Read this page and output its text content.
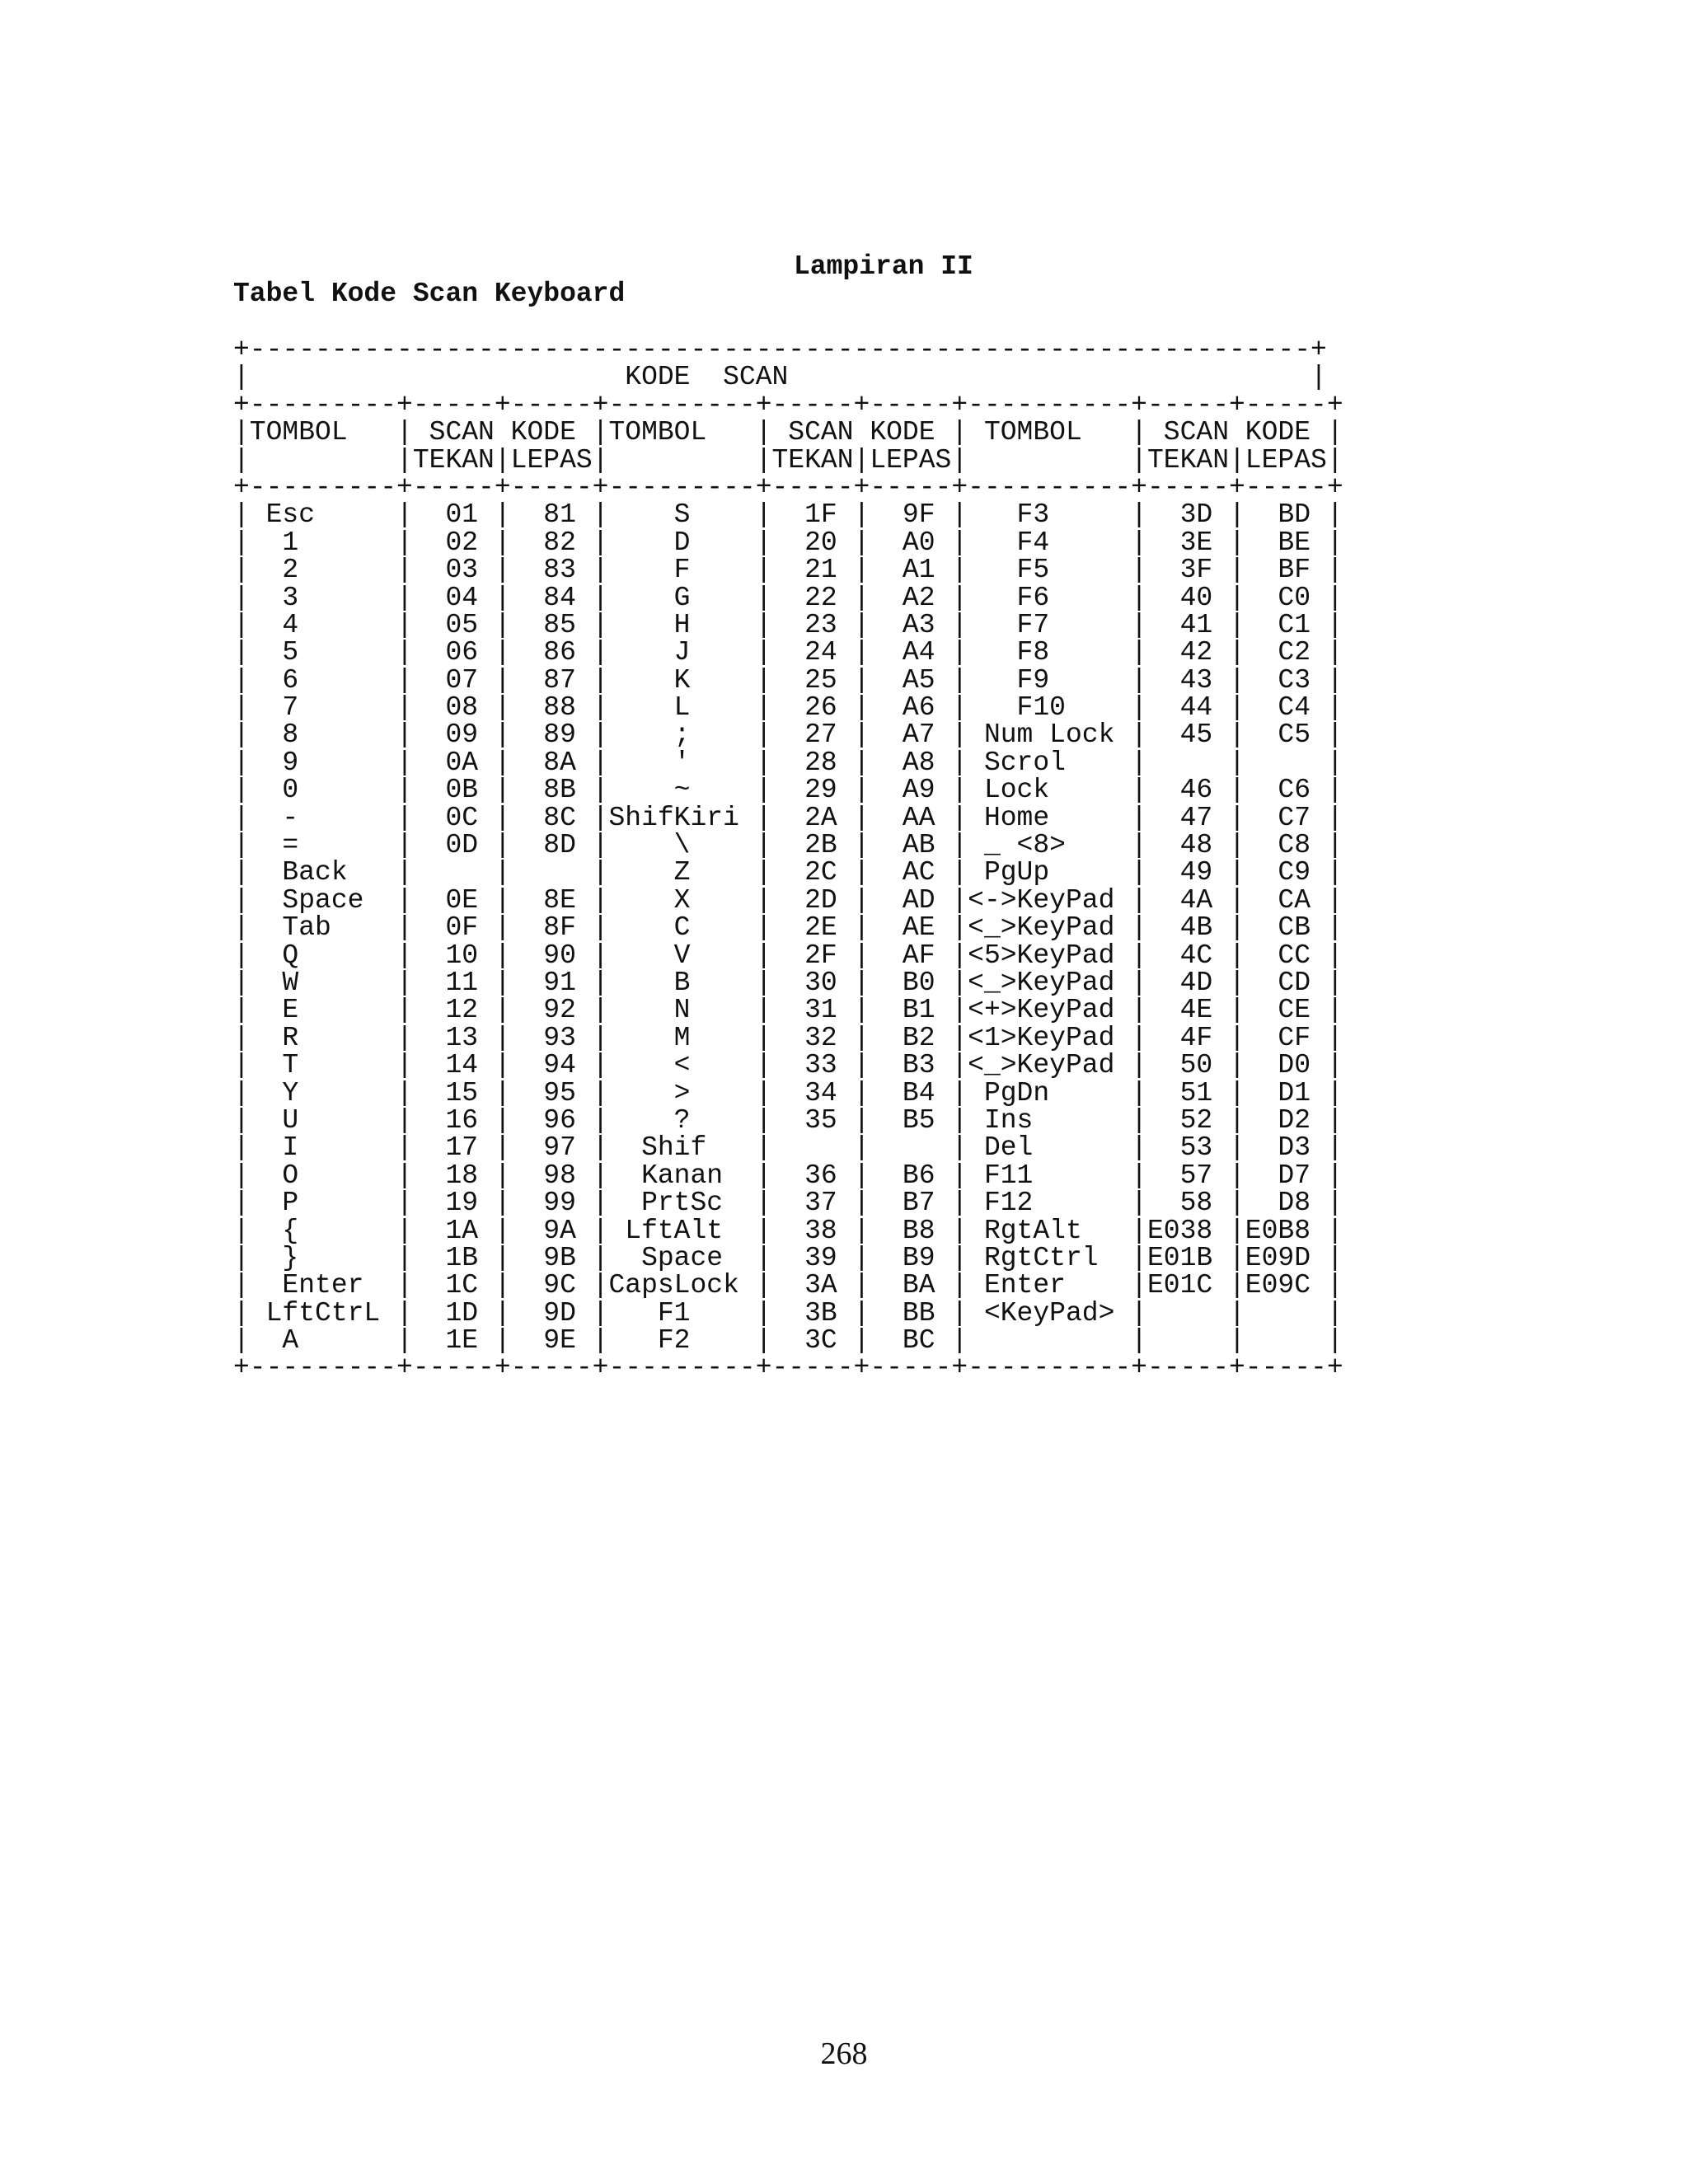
Lampiran II
Tabel Kode Scan Keyboard
+-----------------------------------------------------------------+
|                       KODE  SCAN                                |
+---------+-----+-----+---------+-----+-----+----------+-----+-----+
|TOMBOL   | SCAN KODE |TOMBOL   | SCAN KODE | TOMBOL   | SCAN KODE |
|         |TEKAN|LEPAS|         |TEKAN|LEPAS|          |TEKAN|LEPAS|
+---------+-----+-----+---------+-----+-----+----------+-----+-----+
| Esc     |  01 |  81 |    S    |  1F |  9F |   F3     |  3D |  BD |
|  1      |  02 |  82 |    D    |  20 |  A0 |   F4     |  3E |  BE |
|  2      |  03 |  83 |    F    |  21 |  A1 |   F5     |  3F |  BF |
|  3      |  04 |  84 |    G    |  22 |  A2 |   F6     |  40 |  C0 |
|  4      |  05 |  85 |    H    |  23 |  A3 |   F7     |  41 |  C1 |
|  5      |  06 |  86 |    J    |  24 |  A4 |   F8     |  42 |  C2 |
|  6      |  07 |  87 |    K    |  25 |  A5 |   F9     |  43 |  C3 |
|  7      |  08 |  88 |    L    |  26 |  A6 |   F10    |  44 |  C4 |
|  8      |  09 |  89 |    ;    |  27 |  A7 | Num Lock |  45 |  C5 |
|  9      |  0A |  8A |    '    |  28 |  A8 | Scrol    |     |     |
|  0      |  0B |  8B |    ~    |  29 |  A9 | Lock     |  46 |  C6 |
|  -      |  0C |  8C |ShifKiri |  2A |  AA | Home     |  47 |  C7 |
|  =      |  0D |  8D |    \    |  2B |  AB | _ <8>    |  48 |  C8 |
|  Back   |     |     |    Z    |  2C |  AC | PgUp     |  49 |  C9 |
|  Space  |  0E |  8E |    X    |  2D |  AD |<->KeyPad |  4A |  CA |
|  Tab    |  0F |  8F |    C    |  2E |  AE |<_>KeyPad |  4B |  CB |
|  Q      |  10 |  90 |    V    |  2F |  AF |<5>KeyPad |  4C |  CC |
|  W      |  11 |  91 |    B    |  30 |  B0 |<_>KeyPad |  4D |  CD |
|  E      |  12 |  92 |    N    |  31 |  B1 |<+>KeyPad |  4E |  CE |
|  R      |  13 |  93 |    M    |  32 |  B2 |<1>KeyPad |  4F |  CF |
|  T      |  14 |  94 |    <    |  33 |  B3 |<_>KeyPad |  50 |  D0 |
|  Y      |  15 |  95 |    >    |  34 |  B4 | PgDn     |  51 |  D1 |
|  U      |  16 |  96 |    ?    |  35 |  B5 | Ins      |  52 |  D2 |
|  I      |  17 |  97 |  Shif   |     |     | Del      |  53 |  D3 |
|  O      |  18 |  98 |  Kanan  |  36 |  B6 | F11      |  57 |  D7 |
|  P      |  19 |  99 |  PrtSc  |  37 |  B7 | F12      |  58 |  D8 |
|  {      |  1A |  9A | LftAlt  |  38 |  B8 | RgtAlt   |E038 |E0B8 |
|  }      |  1B |  9B |  Space  |  39 |  B9 | RgtCtrl  |E01B |E09D |
|  Enter  |  1C |  9C |CapsLock |  3A |  BA | Enter    |E01C |E09C |
| LftCtrL |  1D |  9D |   F1    |  3B |  BB | <KeyPad> |     |     |
|  A      |  1E |  9E |   F2    |  3C |  BC |          |     |     |
+---------+-----+-----+---------+-----+-----+----------+-----+-----+
268
